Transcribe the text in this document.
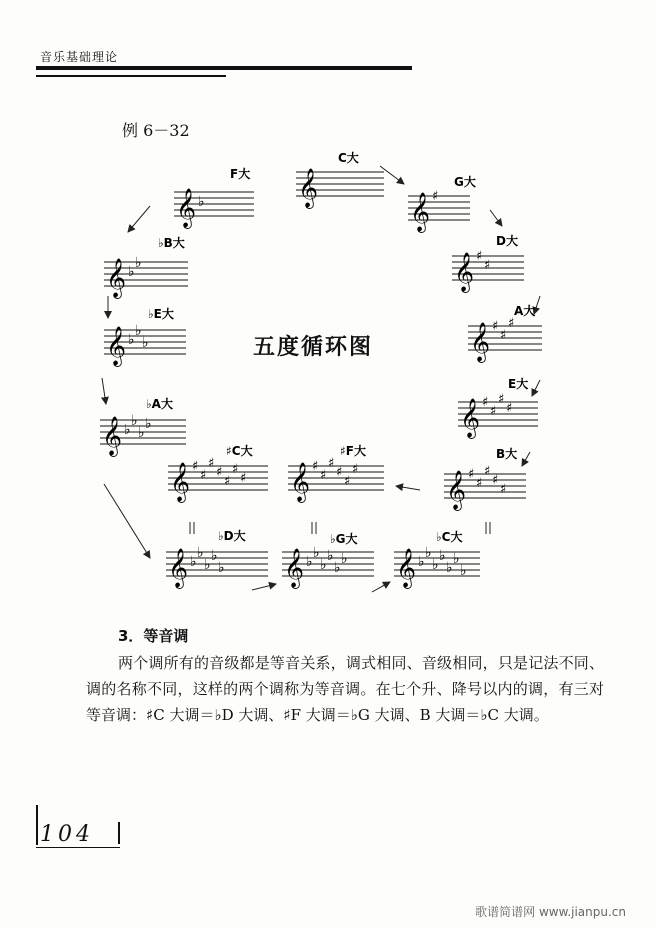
音乐基础理论
例 6－32
𝄞
C大
𝄞 ♯
G大
𝄞 ♯
♯
D大
𝄞 ♯
♯
♯
A大
𝄞 ♯
♯
♯
♯
E大
𝄞 ♯
♯
♯
♯
♯
B大
𝄞 ♯
♯
♯
♯
♯
♯
♯F大
𝄞 ♯
♯
♯
♯
♯
♯
♯
♯C大
𝄞 ♭
♭
♭
♭
♭
♭D大
𝄞 ♭
♭
♭
♭
♭
♭
♭G大
𝄞 ♭
♭
♭
♭
♭
♭
♭
♭C大
𝄞 ♭
♭
♭
♭
♭A大
𝄞 ♭
♭
♭
♭E大
𝄞 ♭
♭
♭B大
𝄞 ♭
F大
五度循环图
3．等音调
两个调所有的音级都是等音关系，调式相同、音级相同，只是记法不同、调的名称不同，这样的两个调称为等音调。在七个升、降号以内的调，有三对等音调：♯C 大调＝♭D 大调、♯F 大调＝♭G 大调、B 大调＝♭C 大调。
104
歌谱简谱网 www.jianpu.cn
